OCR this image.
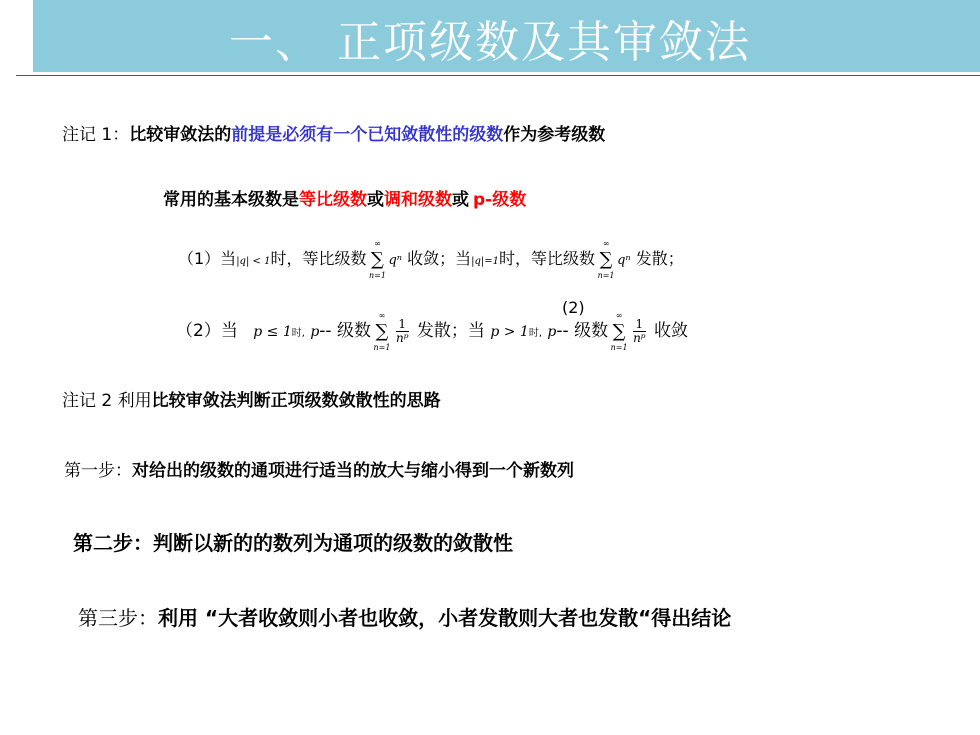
一、 正项级数及其审敛法
注记 1：比较审敛法的前提是必须有一个已知敛散性的级数作为参考级数
常用的基本级数是等比级数或调和级数或 p-级数
（1）当|q| < 1时，等比级数 ∑
∞
n=1
qⁿ 收敛；当|q|=1时，等比级数 ∑
∞
n=1
qⁿ 发散；
(2)
（2）当 p ≤ 1时, p-- 级数 ∑
∞
n=1
$\frac{1}{\text{nᵖ}}$ 发散；当 p > 1时, p-- 级数 ∑
∞
n=1
$\frac{1}{\text{nᵖ}}$ 收敛
注记 2 利用比较审敛法判断正项级数敛散性的思路
第一步：对给出的级数的通项进行适当的放大与缩小得到一个新数列
第二步：判断以新的的数列为通项的级数的敛散性
第三步：利用 “大者收敛则小者也收敛，小者发散则大者也发散“得出结论
